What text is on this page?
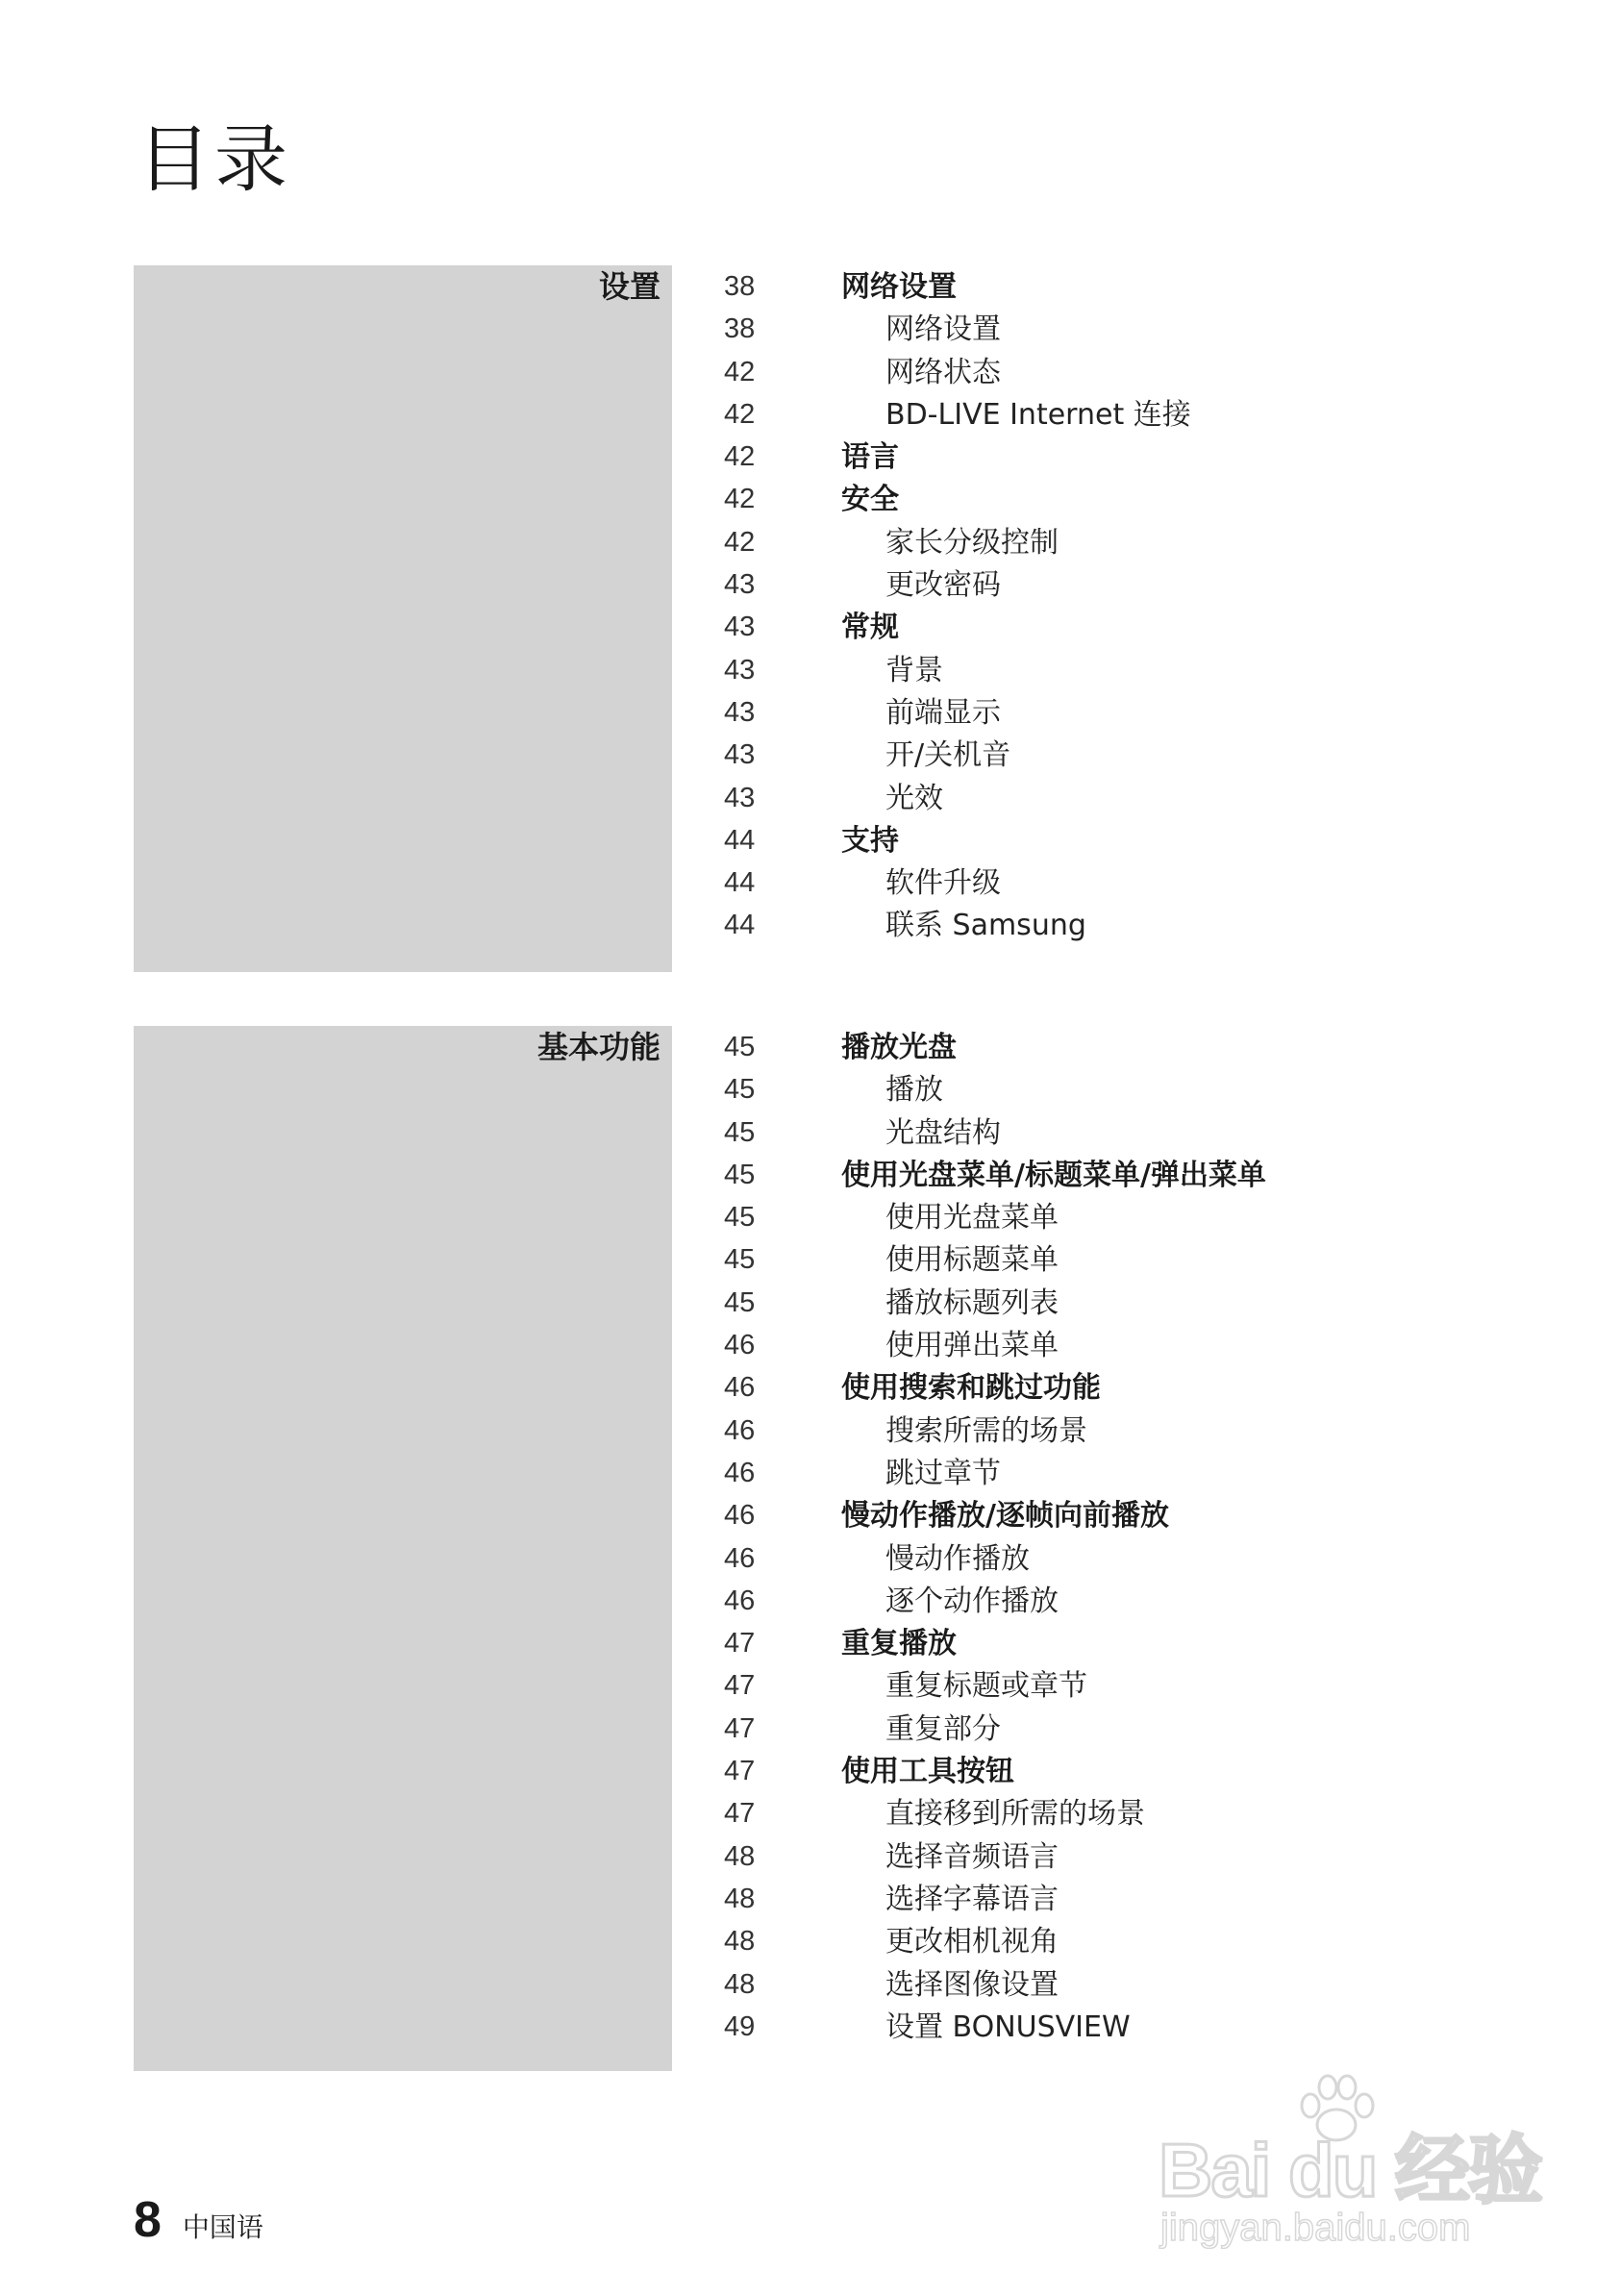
目录
设置 38	网络设置
38	网络设置
42	网络状态
42	BD-LIVE Internet 连接
42	语言
42	安全
42	家长分级控制
43	更改密码
43	常规
43	背景
43	前端显示
43	开/关机音
43	光效
44	支持
44	软件升级
44	联系 Samsung
基本功能 45	播放光盘
45	播放
45	光盘结构
45	使用光盘菜单/标题菜单/弹出菜单
45	使用光盘菜单
45	使用标题菜单
45	播放标题列表
46	使用弹出菜单
46	使用搜索和跳过功能
46	搜索所需的场景
46	跳过章节
46	慢动作播放/逐帧向前播放
46	慢动作播放
46	逐个动作播放
47	重复播放
47	重复标题或章节
47	重复部分
47	使用工具按钮
47	直接移到所需的场景
48	选择音频语言
48	选择字幕语言
48	更改相机视角
48	选择图像设置
49	设置 BONUSVIEW
8 中国语
Bai du 经验
jingyan.baidu.com
